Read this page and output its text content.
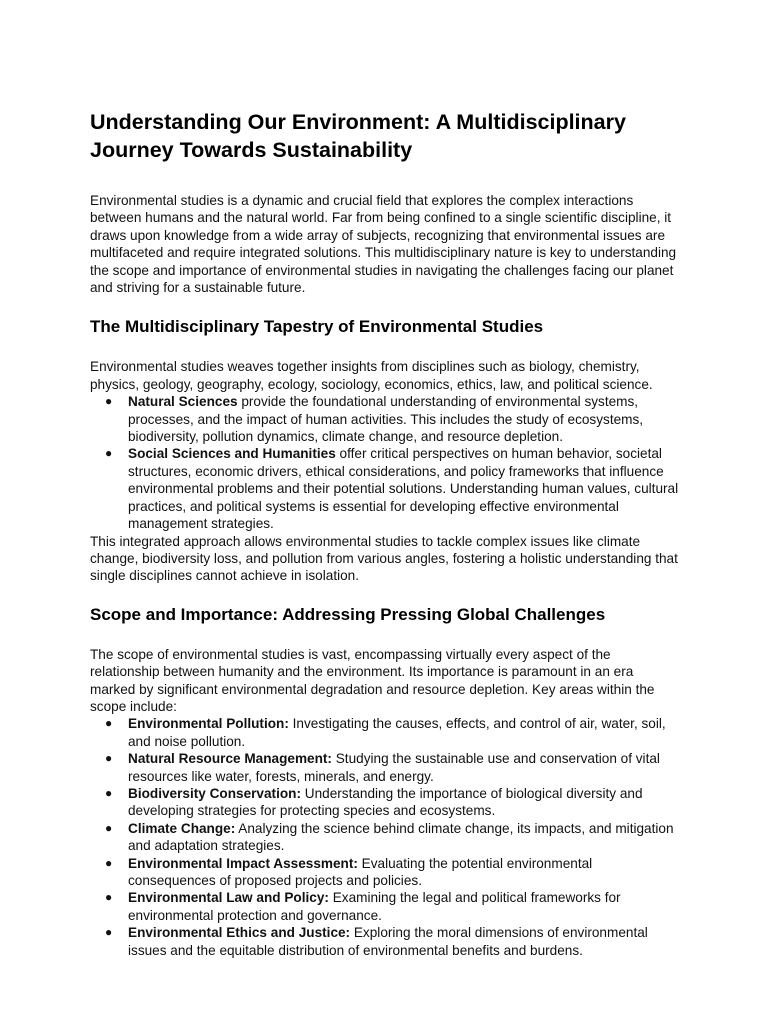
Understanding Our Environment: A Multidisciplinary Journey Towards Sustainability

Environmental studies is a dynamic and crucial field that explores the complex interactions between humans and the natural world. Far from being confined to a single scientific discipline, it draws upon knowledge from a wide array of subjects, recognizing that environmental issues are multifaceted and require integrated solutions. This multidisciplinary nature is key to understanding the scope and importance of environmental studies in navigating the challenges facing our planet and striving for a sustainable future.

The Multidisciplinary Tapestry of Environmental Studies

Environmental studies weaves together insights from disciplines such as biology, chemistry, physics, geology, geography, ecology, sociology, economics, ethics, law, and political science.

● Natural Sciences provide the foundational understanding of environmental systems, processes, and the impact of human activities. This includes the study of ecosystems, biodiversity, pollution dynamics, climate change, and resource depletion.
● Social Sciences and Humanities offer critical perspectives on human behavior, societal structures, economic drivers, ethical considerations, and policy frameworks that influence environmental problems and their potential solutions. Understanding human values, cultural practices, and political systems is essential for developing effective environmental management strategies.

This integrated approach allows environmental studies to tackle complex issues like climate change, biodiversity loss, and pollution from various angles, fostering a holistic understanding that single disciplines cannot achieve in isolation.

Scope and Importance: Addressing Pressing Global Challenges

The scope of environmental studies is vast, encompassing virtually every aspect of the relationship between humanity and the environment. Its importance is paramount in an era marked by significant environmental degradation and resource depletion. Key areas within the scope include:

● Environmental Pollution: Investigating the causes, effects, and control of air, water, soil, and noise pollution.
● Natural Resource Management: Studying the sustainable use and conservation of vital resources like water, forests, minerals, and energy.
● Biodiversity Conservation: Understanding the importance of biological diversity and developing strategies for protecting species and ecosystems.
● Climate Change: Analyzing the science behind climate change, its impacts, and mitigation and adaptation strategies.
● Environmental Impact Assessment: Evaluating the potential environmental consequences of proposed projects and policies.
● Environmental Law and Policy: Examining the legal and political frameworks for environmental protection and governance.
● Environmental Ethics and Justice: Exploring the moral dimensions of environmental issues and the equitable distribution of environmental benefits and burdens.
